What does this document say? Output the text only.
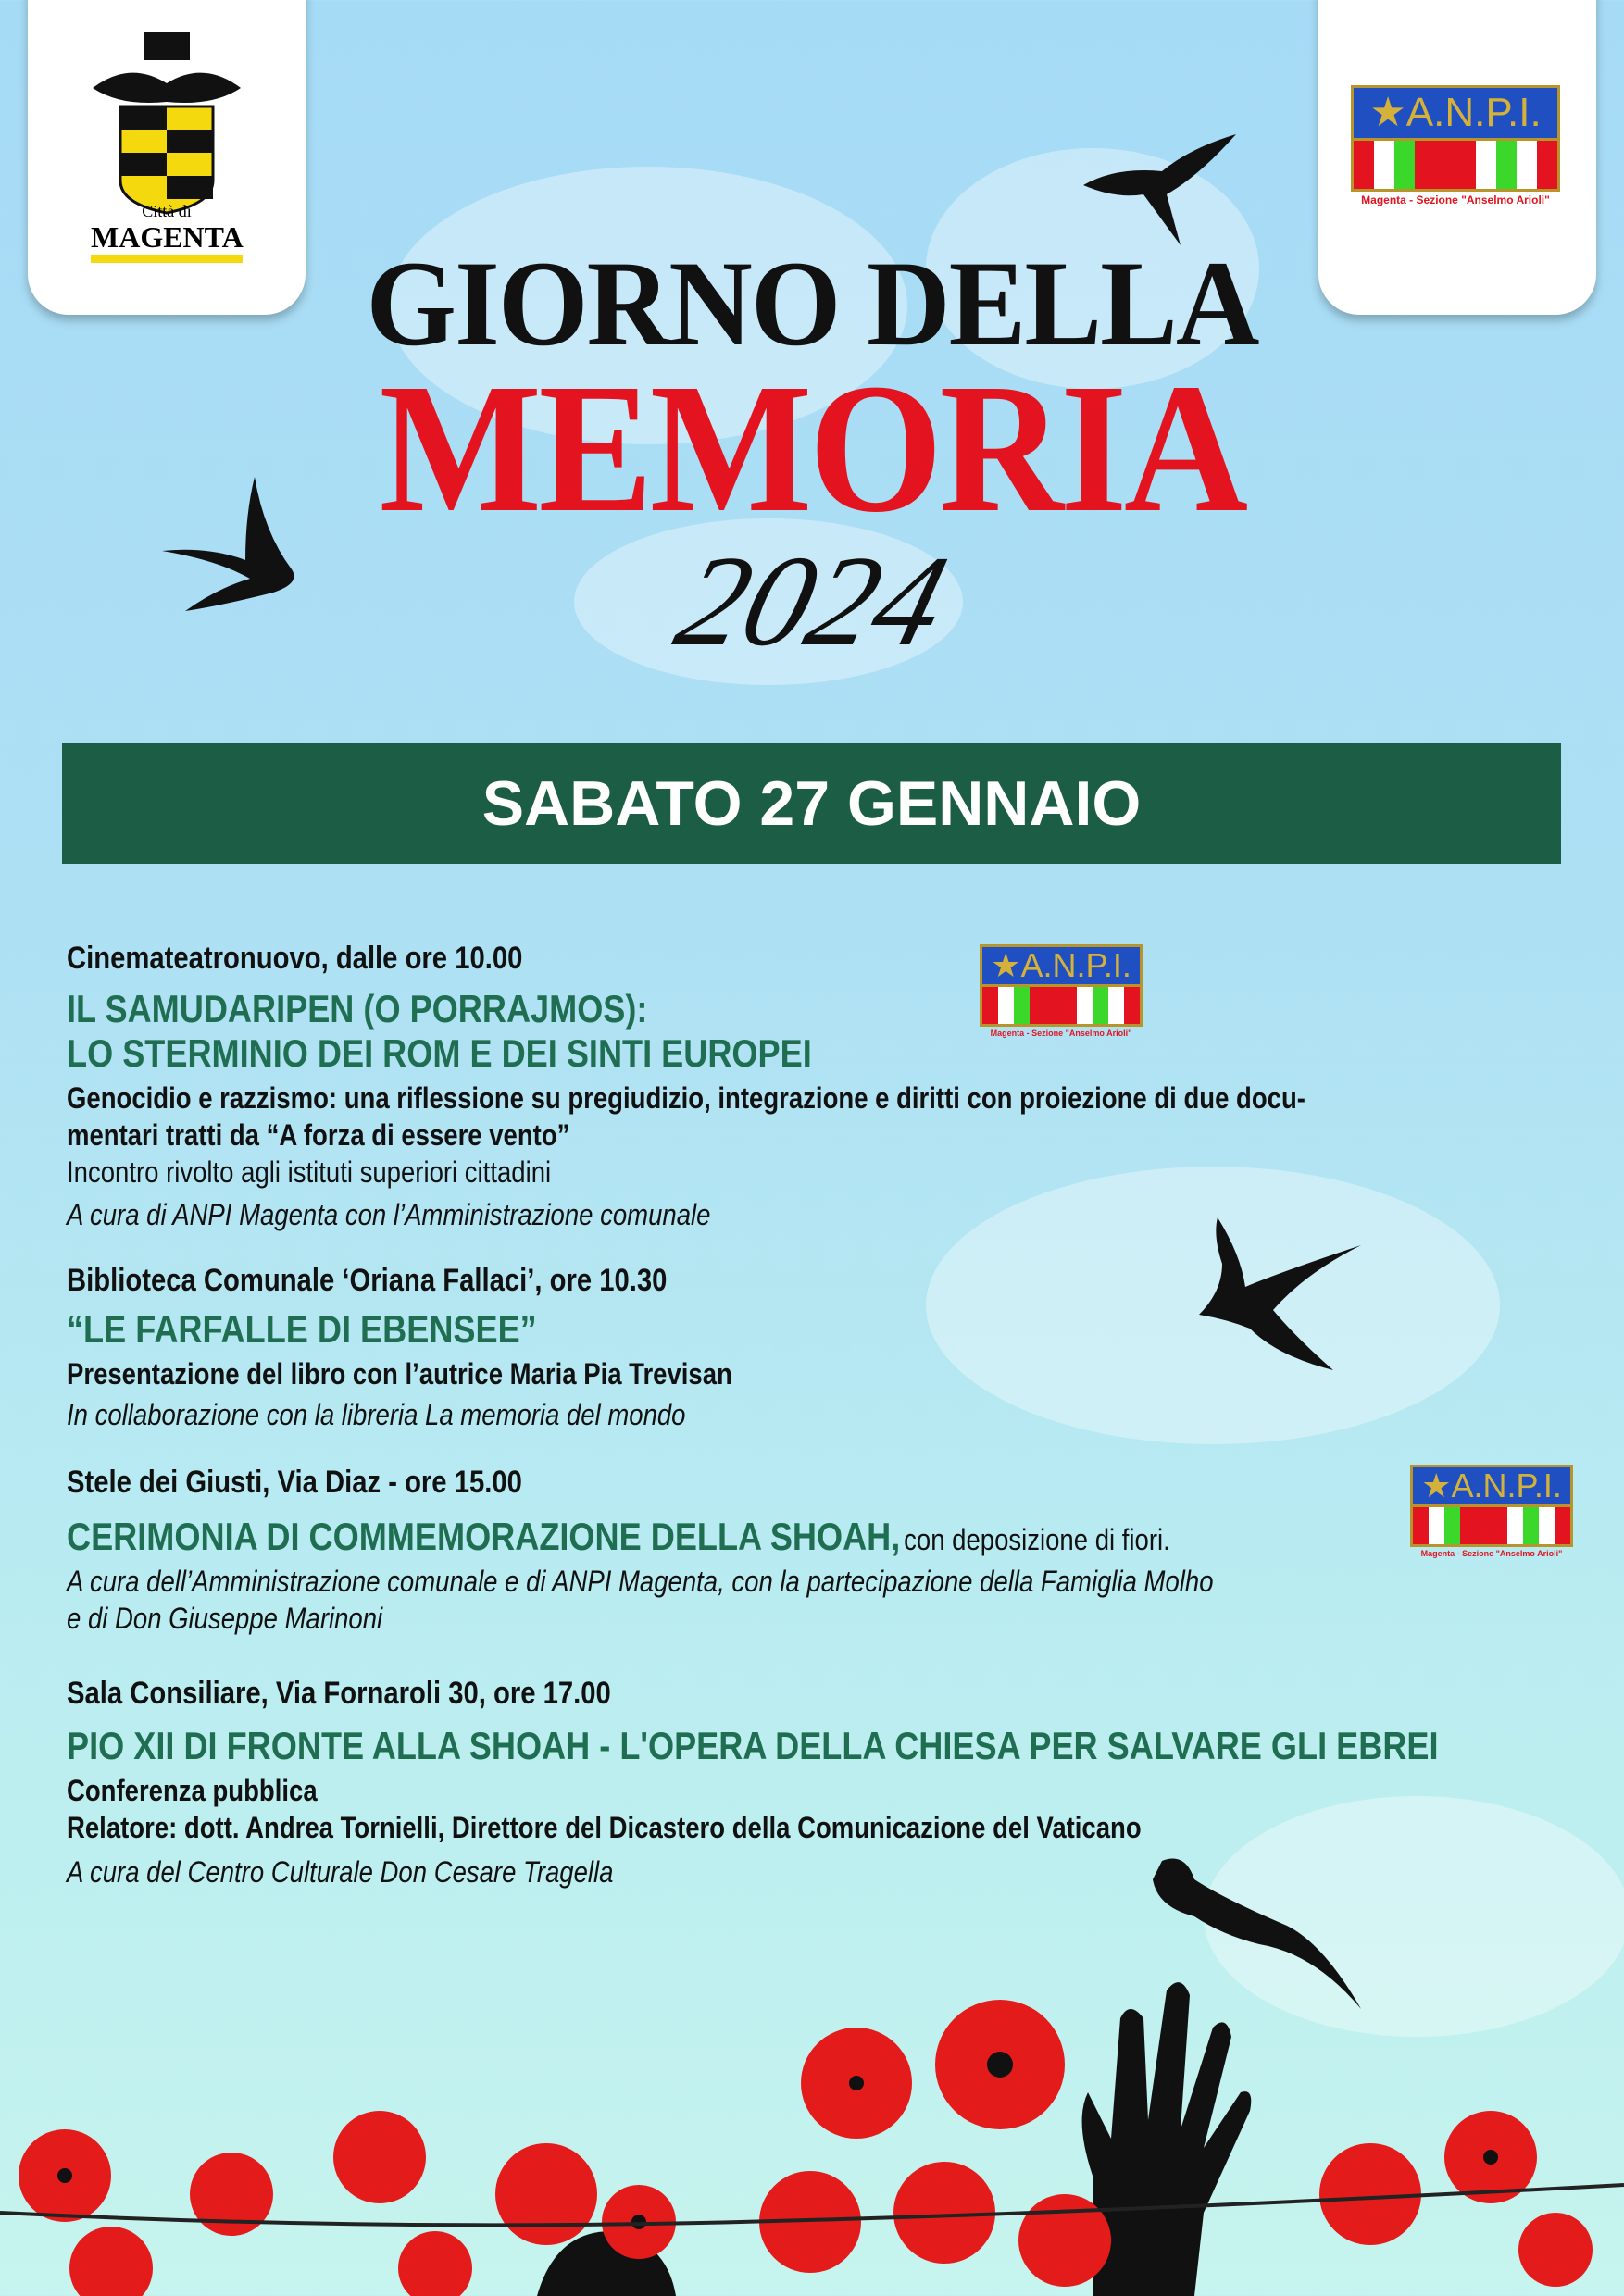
Città di
MAGENTA
★A.N.P.I.
Magenta - Sezione "Anselmo Arioli"
GIORNO DELLA
MEMORIA
2024
SABATO 27 GENNAIO
Cinemateatronuovo, dalle ore 10.00
IL SAMUDARIPEN (O PORRAJMOS):
LO STERMINIO DEI ROM E DEI SINTI EUROPEI
Genocidio e razzismo: una riflessione su pregiudizio, integrazione e diritti con proiezione di due docu-
mentari tratti da “A forza di essere vento”
Incontro rivolto agli istituti superiori cittadini
A cura di ANPI Magenta con l’Amministrazione comunale
★A.N.P.I.
Magenta - Sezione "Anselmo Arioli"
Biblioteca Comunale ‘Oriana Fallaci’, ore 10.30
“LE FARFALLE DI EBENSEE”
Presentazione del libro con l’autrice Maria Pia Trevisan
In collaborazione con la libreria La memoria del mondo
Stele dei Giusti, Via Diaz - ore 15.00
CERIMONIA DI COMMEMORAZIONE DELLA SHOAH, con deposizione di fiori.
A cura dell’Amministrazione comunale e di ANPI Magenta, con la partecipazione della Famiglia Molho
e di Don Giuseppe Marinoni
★A.N.P.I.
Magenta - Sezione "Anselmo Arioli"
Sala Consiliare, Via Fornaroli 30, ore 17.00
PIO XII DI FRONTE ALLA SHOAH - L'OPERA DELLA CHIESA PER SALVARE GLI EBREI
Conferenza pubblica
Relatore: dott. Andrea Tornielli, Direttore del Dicastero della Comunicazione del Vaticano
A cura del Centro Culturale Don Cesare Tragella
